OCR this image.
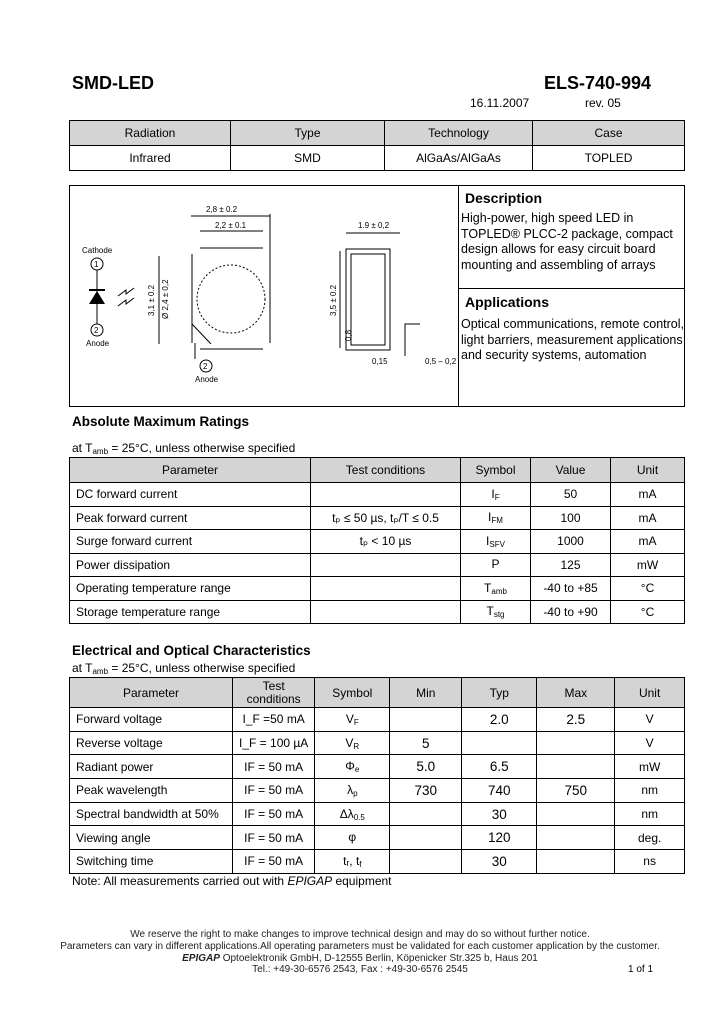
SMD-LED	ELS-740-994
16.11.2007	rev. 05
Radiation	Type	Technology	Case
Infrared	SMD	AlGaAs/AlGaAs	TOPLED
Cathode
1
2
Anode
2,8 ± 0.2
2,2 ± 0.1
2
Anode
3,1 ± 0.2 Ø 2,4 ± 0,2
1.9 ± 0,2
3,5 ± 0.2
0,8
0,15	0,5 – 0,2
Description
High-power, high speed LED in
TOPLED® PLCC-2 package, compact
design allows for easy circuit board
mounting and assembling of arrays
Applications
Optical communications, remote control,
light barriers, measurement applications
and security systems, automation
Absolute Maximum Ratings
at $T_{amb} = 25^\circ C$, unless otherwise specified
Parameter	Test conditions	Symbol	Value	Unit
DC forward current		$I_F$	50	mA
Peak forward current	tₚ ≤ 50 µs, tₚ/T ≤ 0.5	$I_{FM}$	100	mA
Surge forward current	tₚ < 10 µs	$I_{SFV}$	1000	mA
Power dissipation		P	125	mW
Operating temperature range		$T_{amb}$	-40 to +85	°C
Storage temperature range		$T_{stg}$	-40 to +90	°C
Electrical and Optical Characteristics
at $T_{amb} = 25^\circ C$, unless otherwise specified
Parameter	Test conditions	Symbol	Min	Typ	Max	Unit
Forward voltage	I_F =50 mA	$V_F$		2.0	2.5	V
Reverse voltage	I_F = 100 µA	$V_R$	5			V
Radiant power	IF = 50 mA	$\Phi_e$	5.0	6.5		mW
Peak wavelength	IF = 50 mA	$\lambda_p$	730	740	750	nm
Spectral bandwidth at 50%	IF = 50 mA	$\Delta\lambda_{0.5}$		30		nm
Viewing angle	IF = 50 mA	φ		120		deg.
Switching time	IF = 50 mA	tᵣ, $t_f$		30		ns
Note: All measurements carried out with EPIGAP equipment
We reserve the right to make changes to improve technical design and may do so without further notice.
Parameters can vary in different applications.All operating parameters must be validated for each customer application by the customer.
EPIGAP Optoelektronik GmbH, D-12555 Berlin, Köpenicker Str.325 b, Haus 201
Tel.: +49-30-6576 2543, Fax : +49-30-6576 2545	1 of 1
